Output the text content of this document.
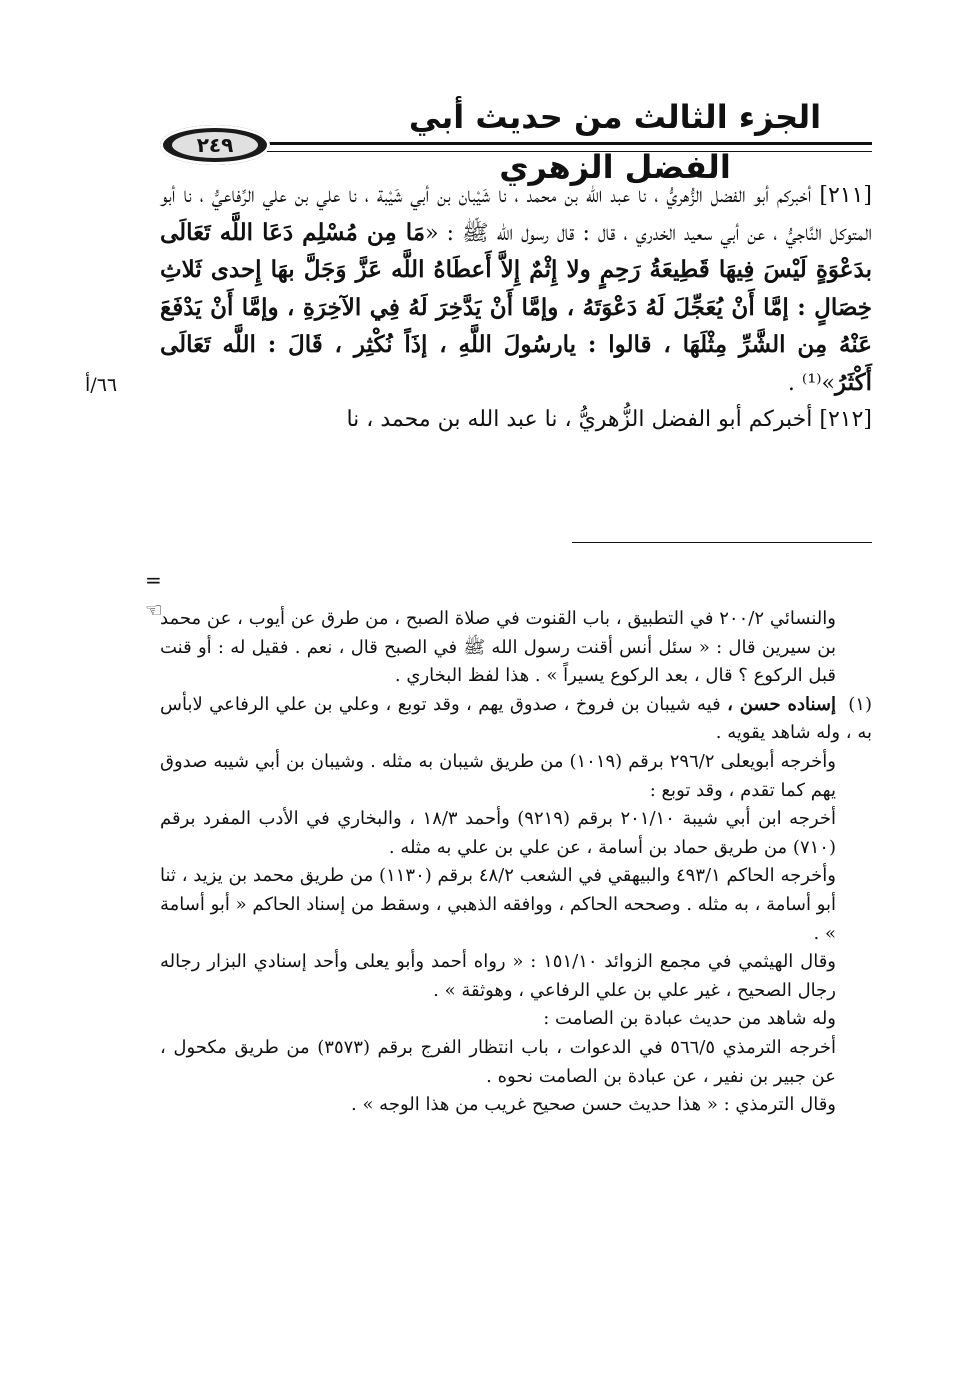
الجزء الثالث من حديث أبي الفضل الزهري
٢٤٩
٦٦/أ

[٢١١] أخبركم أبو الفضل الزُّهريُّ ، نا عبد الله بن محمد ، نا شَيْبان بن أبي شَيْبة ، نا علي بن علي الرِّفاعيُّ ، نا أبو المتوكل النَّاجيُّ ، عن أبي سعيد الخدري ، قال : قال رسول الله ﷺ : «مَا مِن مُسْلِم دَعَا اللَّه تَعَالَى بدَعْوَةٍ لَيْسَ فِيهَا قَطِيعَةُ رَحِمٍ ولا إِثْمٌ إِلاَّ أَعطَاهُ اللَّه عَزَّ وَجَلَّ بهَا إِحدى ثَلاثِ خِصَالٍ : إمَّا أَنْ يُعَجِّلَ لَهُ دَعْوَتَهُ ، وإمَّا أَنْ يَدَّخِرَ لَهُ فِي الآخِرَةِ ، وإمَّا أَنْ يَدْفَعَ عَنْهُ مِن الشَّرِّ مِثْلَهَا ، قالوا : يارسُولَ اللَّهِ ، إذَاً نُكْثِر ، قَالَ : اللَّه تَعَالَى أَكْثَرُ»⁽¹⁾ .

[٢١٢] أخبركم أبو الفضل الزُّهريُّ ، نا عبد الله بن محمد ، نا

= ☜

والنسائي ٢٠٠/٢ في التطبيق ، باب القنوت في صلاة الصبح ، من طرق عن أيوب ، عن محمد بن سيرين قال : « سئل أنس أقنت رسول الله ﷺ في الصبح قال ، نعم . فقيل له : أو قنت قبل الركوع ؟ قال ، بعد الركوع يسيراً » . هذا لفظ البخاري .

(١)إسناده حسن ، فيه شيبان بن فروخ ، صدوق يهم ، وقد توبع ، وعلي بن علي الرفاعي لابأس به ، وله شاهد يقويه .

وأخرجه أبويعلى ٢٩٦/٢ برقم (١٠١٩) من طريق شيبان به مثله . وشيبان بن أبي شيبه صدوق يهم كما تقدم ، وقد توبع :

أخرجه ابن أبي شيبة ٢٠١/١٠ برقم (٩٢١٩) وأحمد ١٨/٣ ، والبخاري في الأدب المفرد برقم (٧١٠) من طريق حماد بن أسامة ، عن علي بن علي به مثله .

وأخرجه الحاكم ٤٩٣/١ والبيهقي في الشعب ٤٨/٢ برقم (١١٣٠) من طريق محمد بن يزيد ، ثنا أبو أسامة ، به مثله . وصححه الحاكم ، ووافقه الذهبي ، وسقط من إسناد الحاكم « أبو أسامة » .

وقال الهيثمي في مجمع الزوائد ١٥١/١٠ : « رواه أحمد وأبو يعلى وأحد إسنادي البزار رجاله رجال الصحيح ، غير علي بن علي الرفاعي ، وهوثقة » .

وله شاهد من حديث عبادة بن الصامت :

أخرجه الترمذي ٥٦٦/٥ في الدعوات ، باب انتظار الفرج برقم (٣٥٧٣) من طريق مكحول ، عن جبير بن نفير ، عن عبادة بن الصامت نحوه .

وقال الترمذي : « هذا حديث حسن صحيح غريب من هذا الوجه » .
